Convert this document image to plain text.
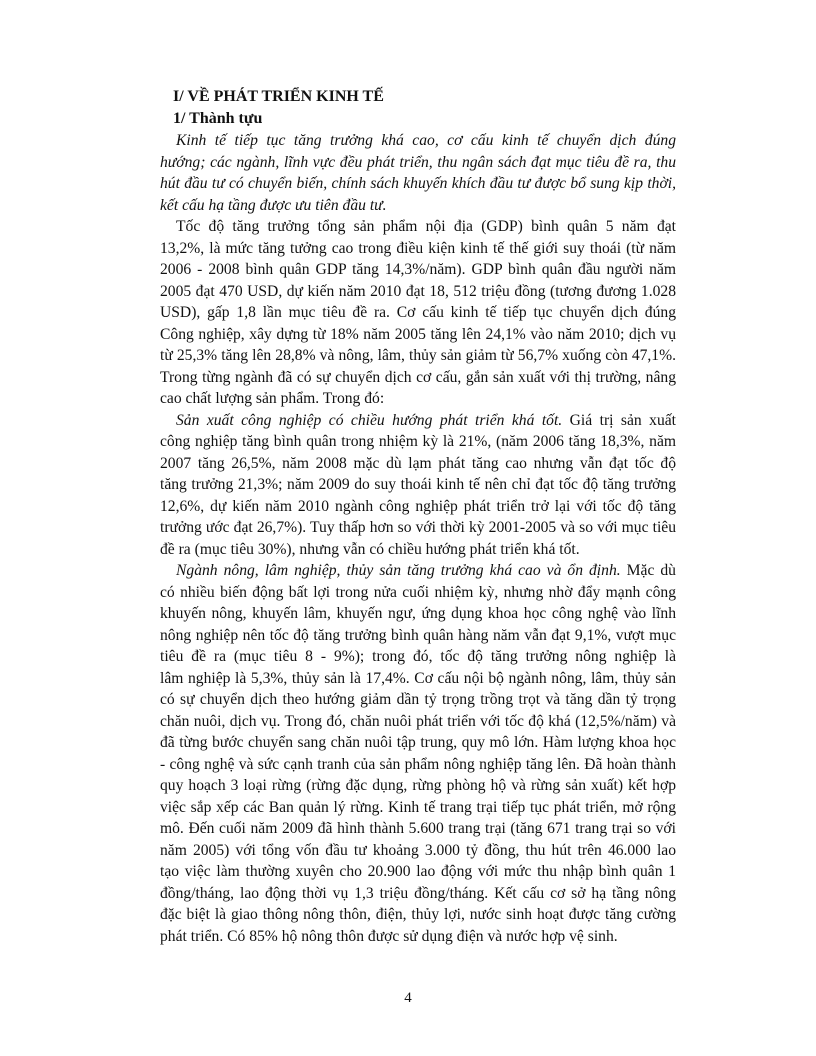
I/ VỀ PHÁT TRIỂN KINH TẾ
1/ Thành tựu
Kinh tế tiếp tục tăng trưởng khá cao, cơ cấu kinh tế chuyển dịch đúng
hướng; các ngành, lĩnh vực đều phát triển, thu ngân sách đạt mục tiêu đề ra, thu
hút đầu tư có chuyển biến, chính sách khuyến khích đầu tư được bổ sung kịp thời,
kết cấu hạ tầng được ưu tiên đầu tư.
Tốc độ tăng trưởng tổng sản phẩm nội địa (GDP) bình quân 5 năm đạt
13,2%, là mức tăng tưởng cao trong điều kiện kinh tế thế giới suy thoái (từ năm
2006 - 2008 bình quân GDP tăng 14,3%/năm). GDP bình quân đầu người năm
2005 đạt 470 USD, dự kiến năm 2010 đạt 18, 512 triệu đồng (tương đương 1.028
USD), gấp 1,8 lần mục tiêu đề ra. Cơ cấu kinh tế tiếp tục chuyển dịch đúng
Công nghiệp, xây dựng từ 18% năm 2005 tăng lên 24,1% vào năm 2010; dịch vụ
từ 25,3% tăng lên 28,8% và nông, lâm, thủy sản giảm từ 56,7% xuống còn 47,1%.
Trong từng ngành đã có sự chuyển dịch cơ cấu, gắn sản xuất với thị trường, nâng
cao chất lượng sản phẩm. Trong đó:
Sản xuất công nghiệp có chiều hướng phát triển khá tốt. Giá trị sản xuất
công nghiệp tăng bình quân trong nhiệm kỳ là 21%, (năm 2006 tăng 18,3%, năm
2007 tăng 26,5%, năm 2008 mặc dù lạm phát tăng cao nhưng vẫn đạt tốc độ
tăng trưởng 21,3%; năm 2009 do suy thoái kinh tế nên chỉ đạt tốc độ tăng trưởng
12,6%, dự kiến năm 2010 ngành công nghiệp phát triển trở lại với tốc độ tăng
trưởng ước đạt 26,7%). Tuy thấp hơn so với thời kỳ 2001-2005 và so với mục tiêu
đề ra (mục tiêu 30%), nhưng vẫn có chiều hướng phát triển khá tốt.
Ngành nông, lâm nghiệp, thủy sản tăng trưởng khá cao và ổn định. Mặc dù
có nhiều biến động bất lợi trong nửa cuối nhiệm kỳ, nhưng nhờ đẩy mạnh công
khuyến nông, khuyến lâm, khuyến ngư, ứng dụng khoa học công nghệ vào lĩnh
nông nghiệp nên tốc độ tăng trưởng bình quân hàng năm vẫn đạt 9,1%, vượt mục
tiêu đề ra (mục tiêu 8 - 9%); trong đó, tốc độ tăng trưởng nông nghiệp là
lâm nghiệp là 5,3%, thủy sản là 17,4%. Cơ cấu nội bộ ngành nông, lâm, thủy sản
có sự chuyển dịch theo hướng giảm dần tỷ trọng trồng trọt và tăng dần tỷ trọng
chăn nuôi, dịch vụ. Trong đó, chăn nuôi phát triển với tốc độ khá (12,5%/năm) và
đã từng bước chuyển sang chăn nuôi tập trung, quy mô lớn. Hàm lượng khoa học
- công nghệ và sức cạnh tranh của sản phẩm nông nghiệp tăng lên. Đã hoàn thành
quy hoạch 3 loại rừng (rừng đặc dụng, rừng phòng hộ và rừng sản xuất) kết hợp
việc sắp xếp các Ban quản lý rừng. Kinh tế trang trại tiếp tục phát triển, mở rộng
mô. Đến cuối năm 2009 đã hình thành 5.600 trang trại (tăng 671 trang trại so với
năm 2005) với tổng vốn đầu tư khoảng 3.000 tỷ đồng, thu hút trên 46.000 lao
tạo việc làm thường xuyên cho 20.900 lao động với mức thu nhập bình quân 1
đồng/tháng, lao động thời vụ 1,3 triệu đồng/tháng. Kết cấu cơ sở hạ tầng nông
đặc biệt là giao thông nông thôn, điện, thủy lợi, nước sinh hoạt được tăng cường
phát triển. Có 85% hộ nông thôn được sử dụng điện và nước hợp vệ sinh.
4
